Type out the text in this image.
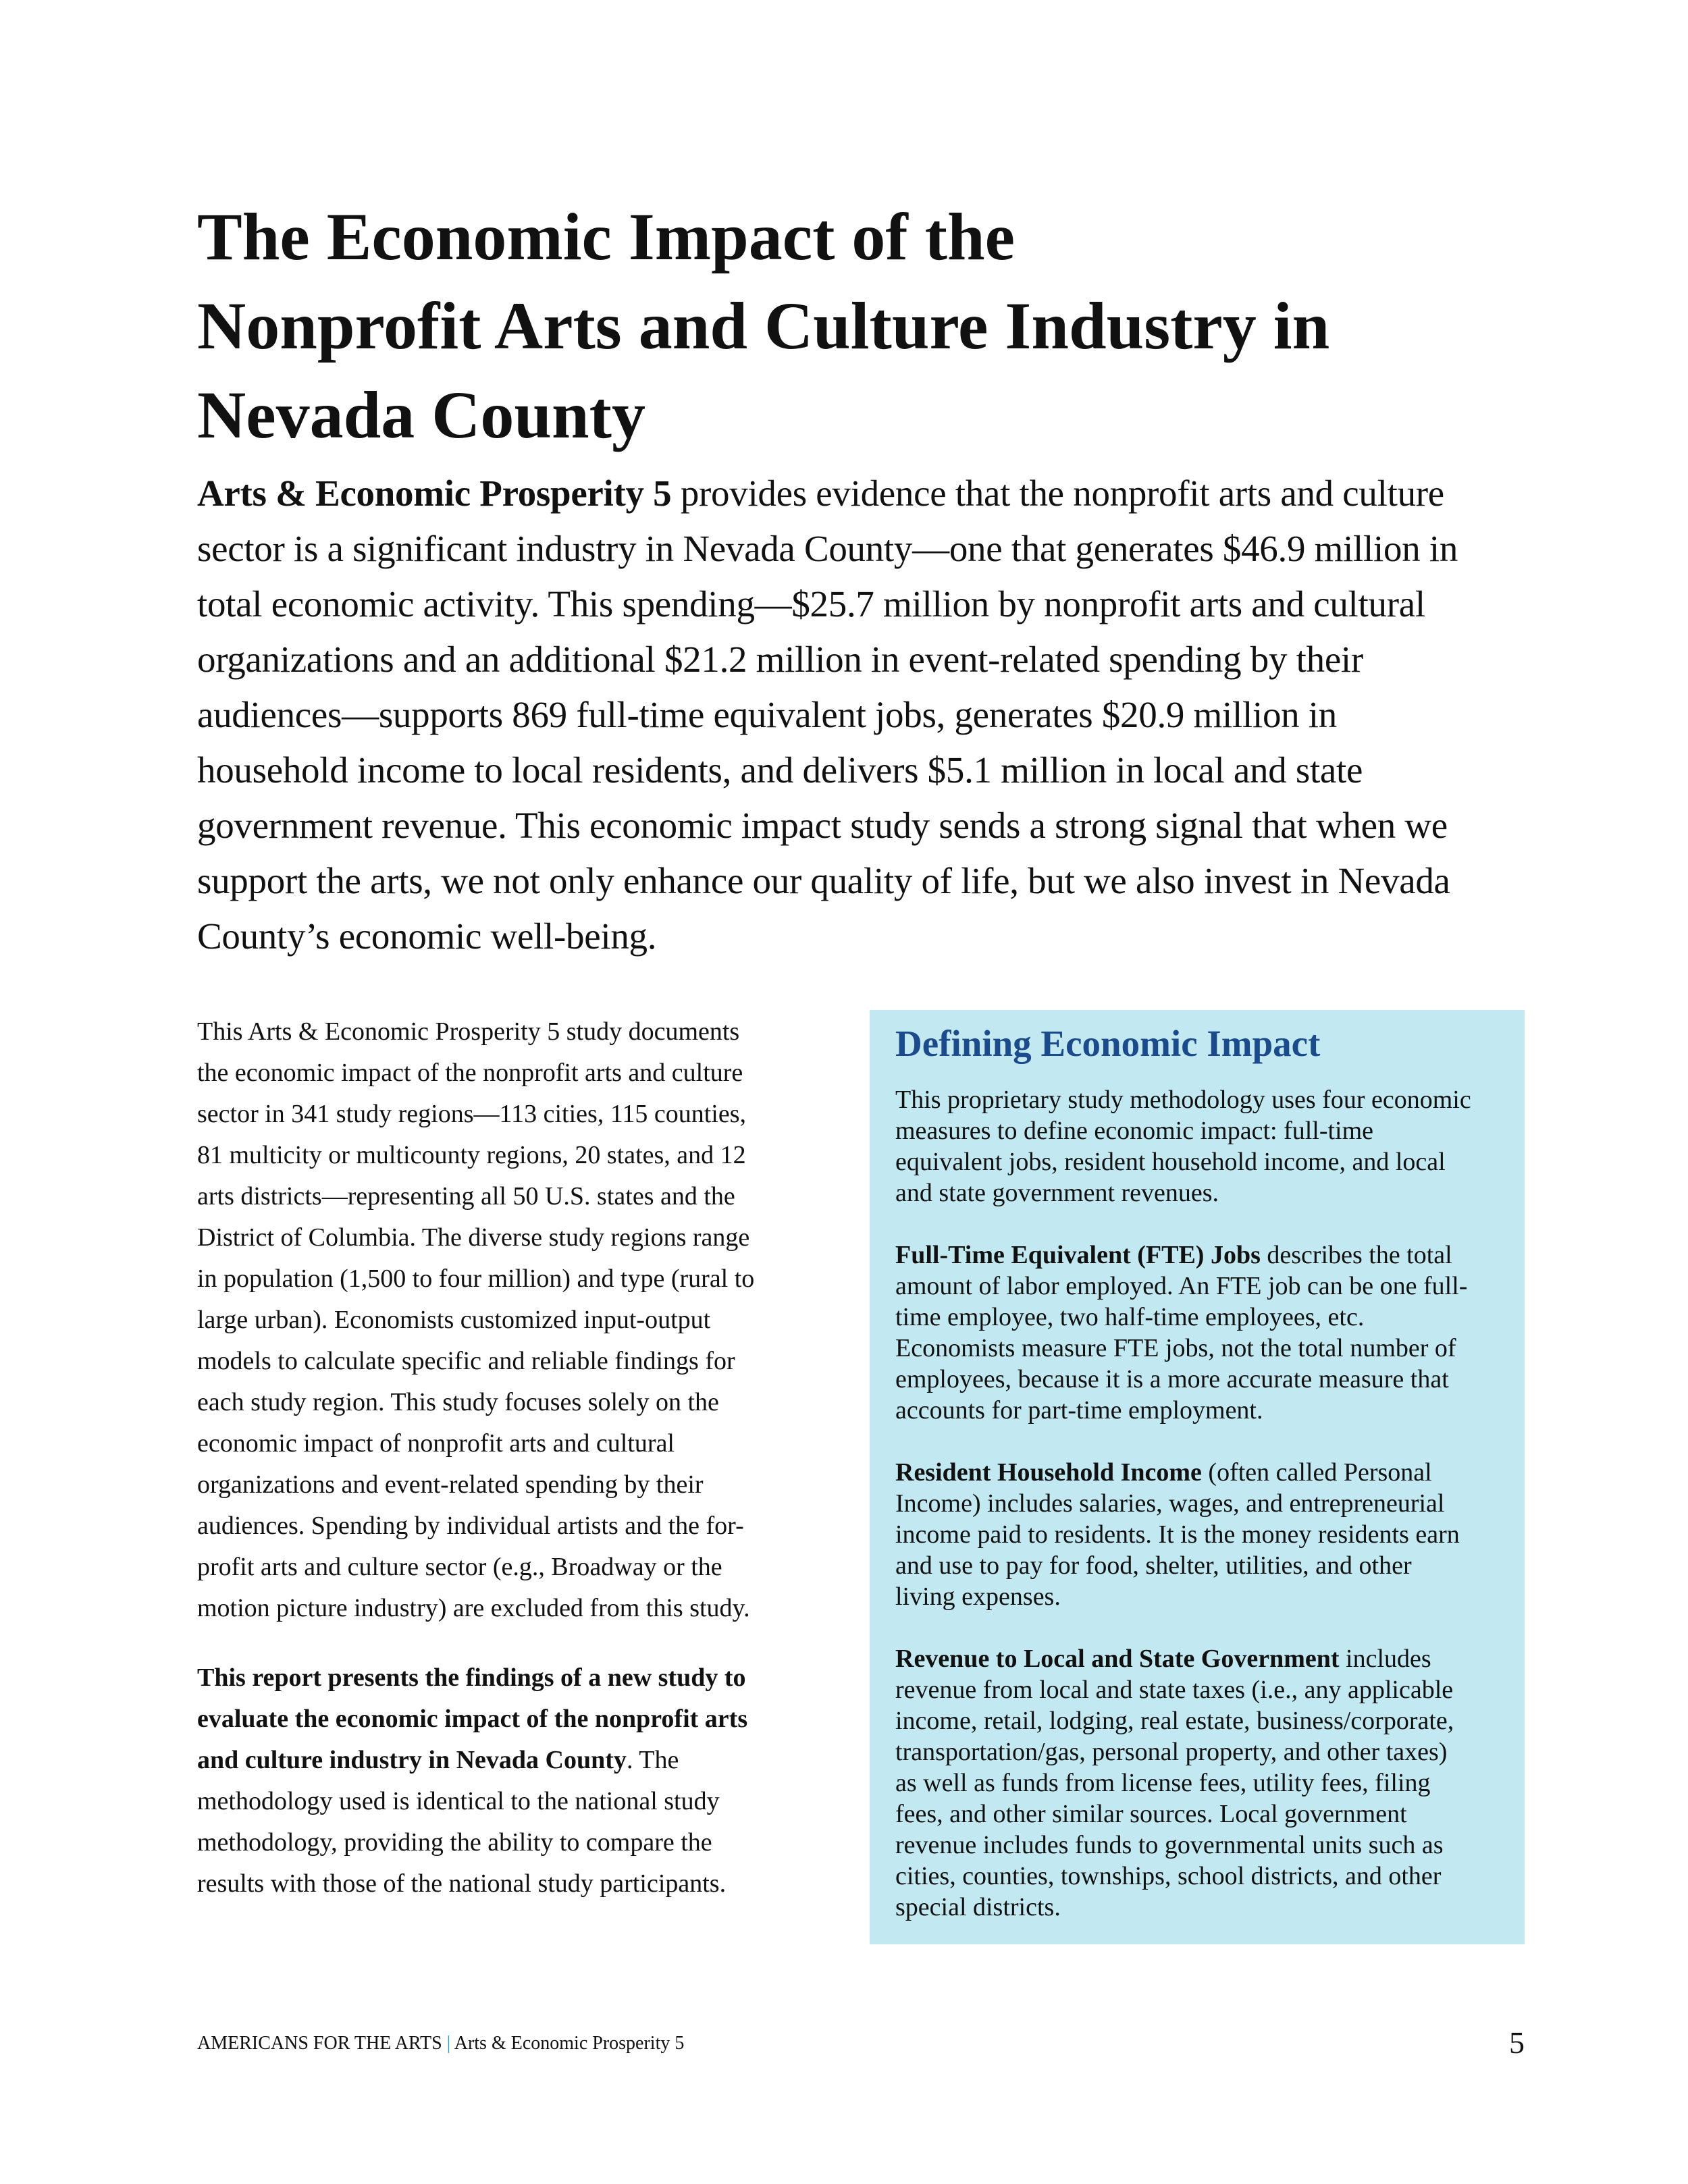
The Economic Impact of the
Nonprofit Arts and Culture Industry in
Nevada County

Arts & Economic Prosperity 5 provides evidence that the nonprofit arts and culture
sector is a significant industry in Nevada County—one that generates $46.9 million in
total economic activity. This spending—$25.7 million by nonprofit arts and cultural
organizations and an additional $21.2 million in event-related spending by their
audiences—supports 869 full-time equivalent jobs, generates $20.9 million in
household income to local residents, and delivers $5.1 million in local and state
government revenue. This economic impact study sends a strong signal that when we
support the arts, we not only enhance our quality of life, but we also invest in Nevada
County’s economic well-being.

This Arts & Economic Prosperity 5 study documents
the economic impact of the nonprofit arts and culture
sector in 341 study regions—113 cities, 115 counties,
81 multicity or multicounty regions, 20 states, and 12
arts districts—representing all 50 U.S. states and the
District of Columbia. The diverse study regions range
in population (1,500 to four million) and type (rural to
large urban). Economists customized input-output
models to calculate specific and reliable findings for
each study region. This study focuses solely on the
economic impact of nonprofit arts and cultural
organizations and event-related spending by their
audiences. Spending by individual artists and the for-
profit arts and culture sector (e.g., Broadway or the
motion picture industry) are excluded from this study.

This report presents the findings of a new study to
evaluate the economic impact of the nonprofit arts
and culture industry in Nevada County. The
methodology used is identical to the national study
methodology, providing the ability to compare the
results with those of the national study participants.

Defining Economic Impact

This proprietary study methodology uses four economic
measures to define economic impact: full-time
equivalent jobs, resident household income, and local
and state government revenues.

Full-Time Equivalent (FTE) Jobs describes the total
amount of labor employed. An FTE job can be one full-
time employee, two half-time employees, etc.
Economists measure FTE jobs, not the total number of
employees, because it is a more accurate measure that
accounts for part-time employment.

Resident Household Income (often called Personal
Income) includes salaries, wages, and entrepreneurial
income paid to residents. It is the money residents earn
and use to pay for food, shelter, utilities, and other
living expenses.

Revenue to Local and State Government includes
revenue from local and state taxes (i.e., any applicable
income, retail, lodging, real estate, business/corporate,
transportation/gas, personal property, and other taxes)
as well as funds from license fees, utility fees, filing
fees, and other similar sources. Local government
revenue includes funds to governmental units such as
cities, counties, townships, school districts, and other
special districts.

AMERICANS FOR THE ARTS | Arts & Economic Prosperity 5	5
